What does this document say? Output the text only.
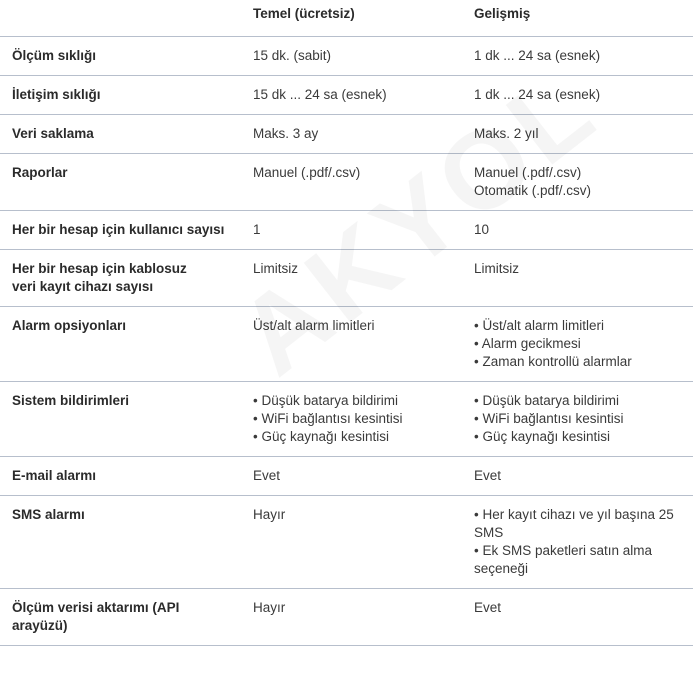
	Temel (ücretsiz)	Gelişmiş

Ölçüm sıklığı	15 dk. (sabit)	1 dk ... 24 sa (esnek)

İletişim sıklığı	15 dk ... 24 sa (esnek)	1 dk ... 24 sa (esnek)

Veri saklama	Maks. 3 ay	Maks. 2 yıl

Raporlar	Manuel (.pdf/.csv)	Manuel (.pdf/.csv)
Otomatik (.pdf/.csv)

Her bir hesap için kullanıcı sayısı	1	10

Her bir hesap için kablosuz
veri kayıt cihazı sayısı	Limitsiz	Limitsiz

Alarm opsiyonları	Üst/alt alarm limitleri	• Üst/alt alarm limitleri
• Alarm gecikmesi
• Zaman kontrollü alarmlar

Sistem bildirimleri	• Düşük batarya bildirimi
• WiFi bağlantısı kesintisi
• Güç kaynağı kesintisi	• Düşük batarya bildirimi
• WiFi bağlantısı kesintisi
• Güç kaynağı kesintisi

E-mail alarmı	Evet	Evet

SMS alarmı	Hayır	• Her kayıt cihazı ve yıl başına 25
SMS
• Ek SMS paketleri satın alma
seçeneği

Ölçüm verisi aktarımı (API arayüzü)	Hayır	Evet
